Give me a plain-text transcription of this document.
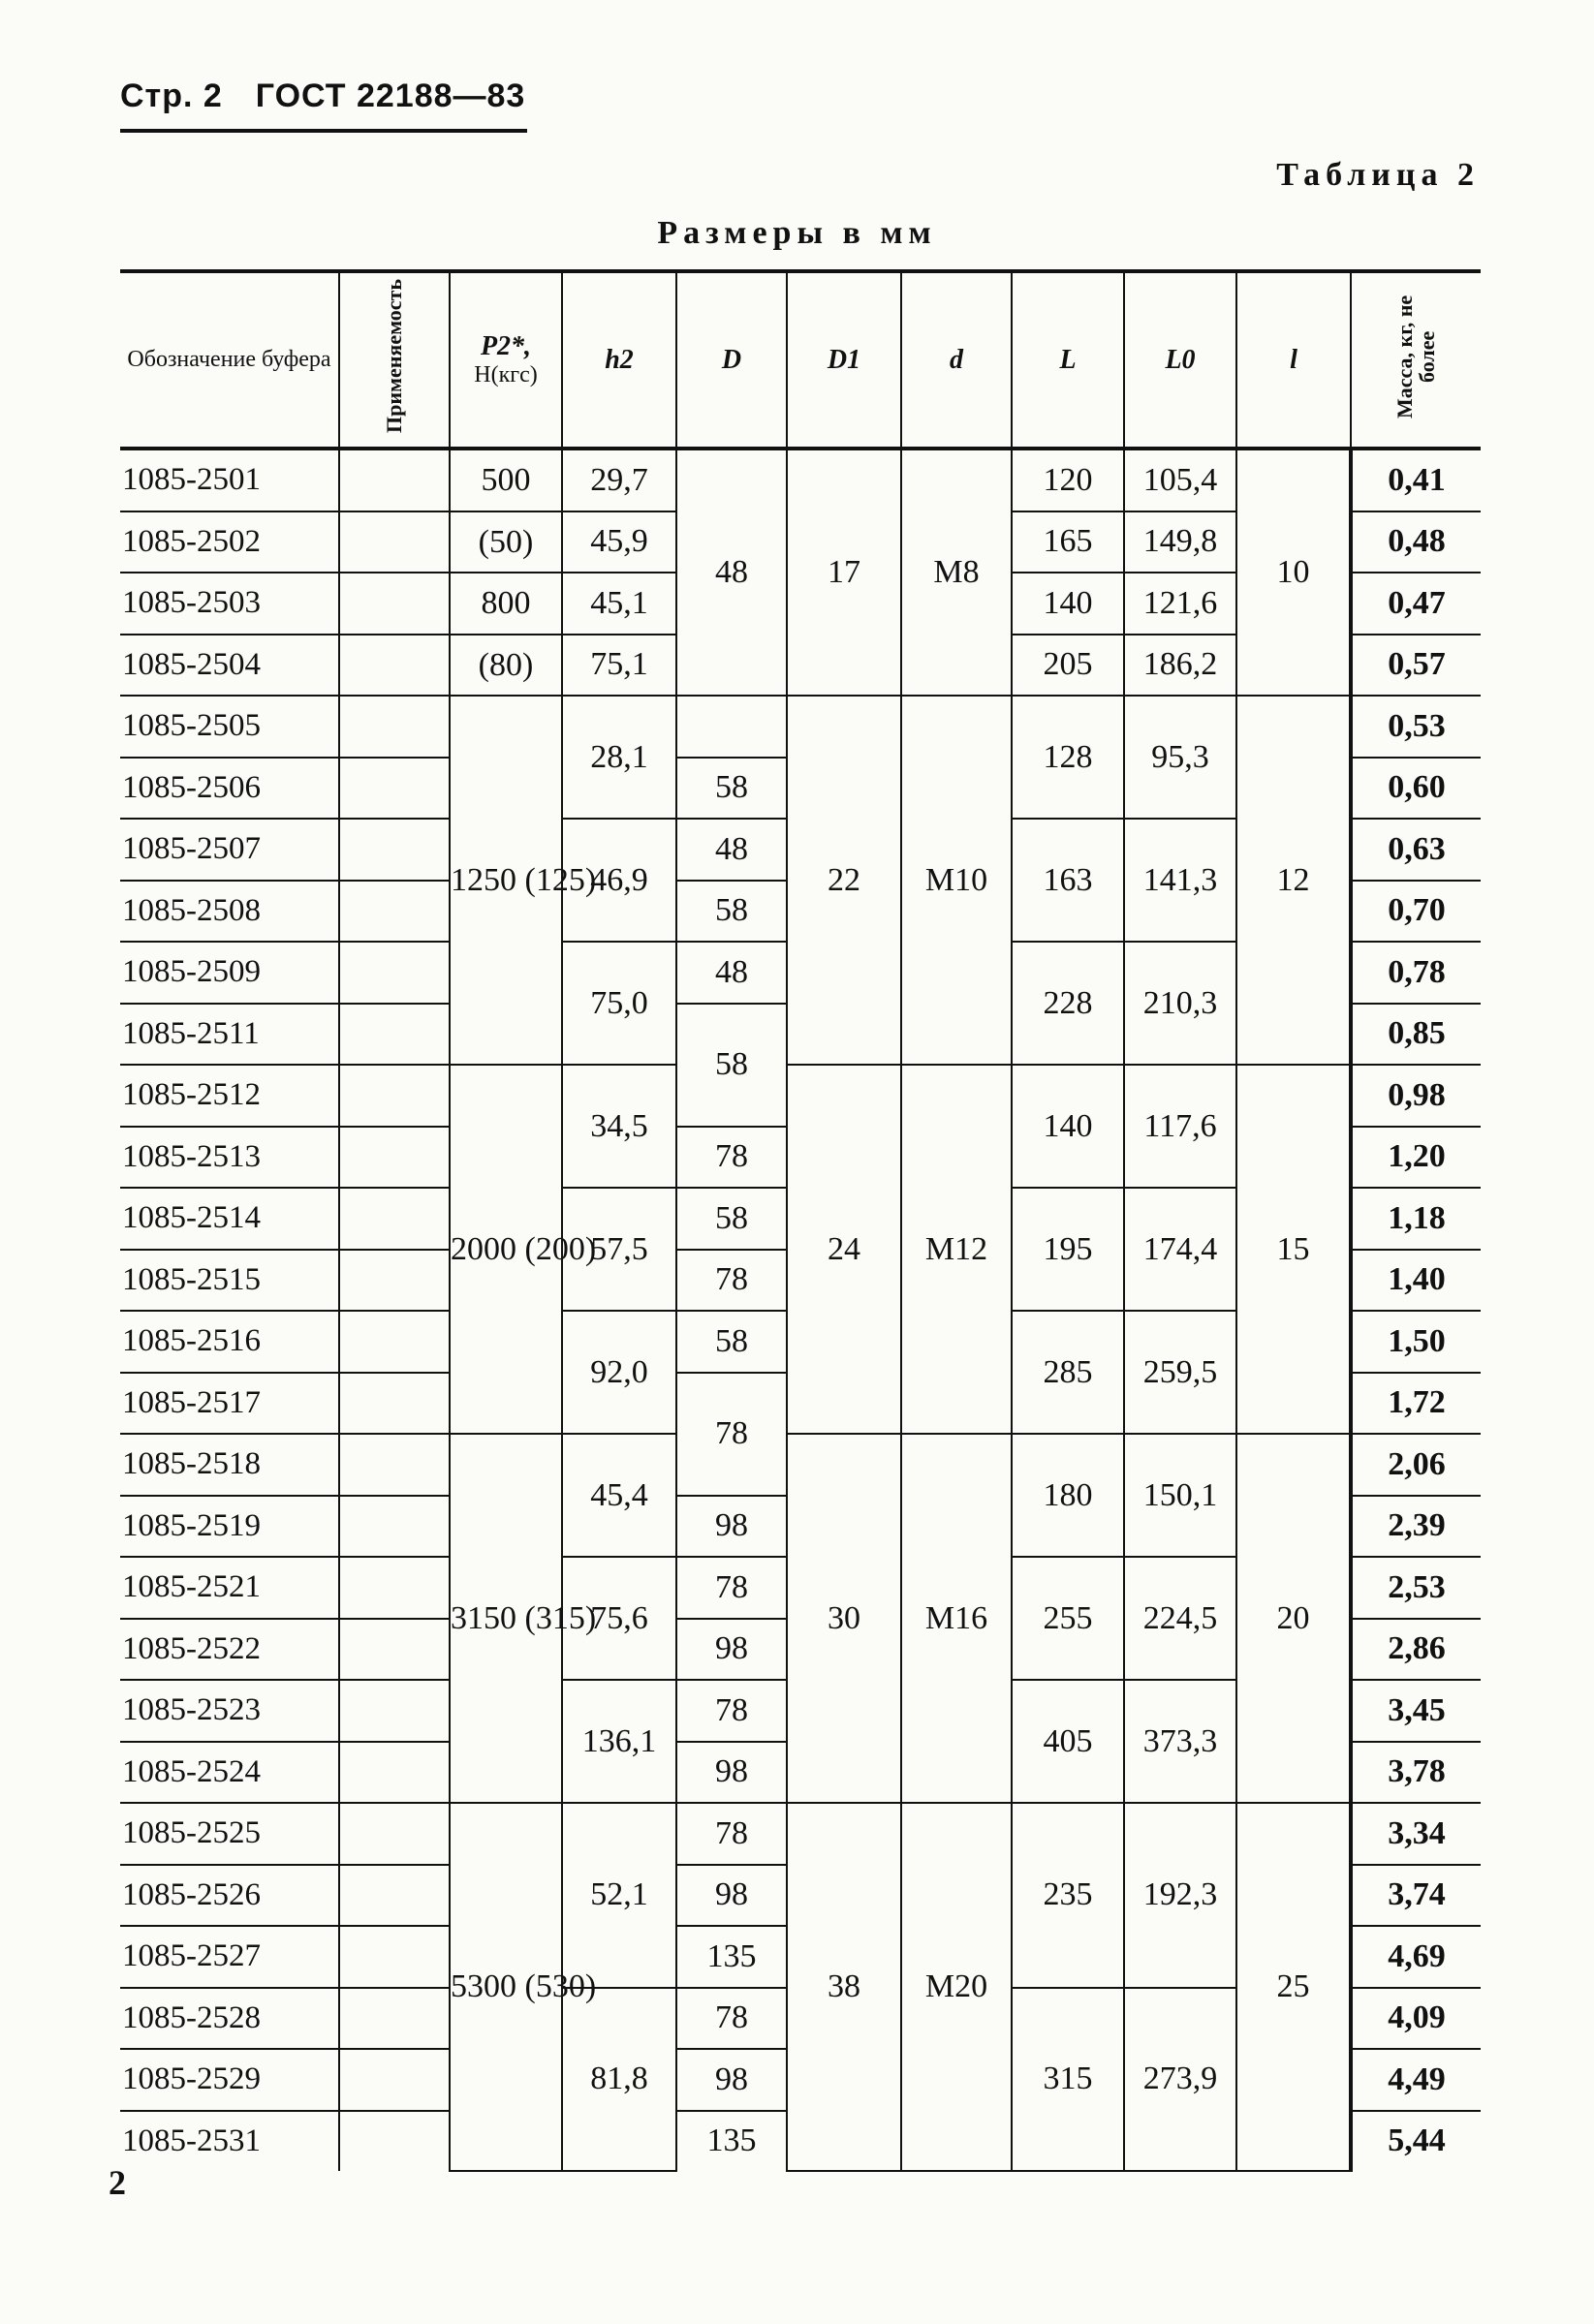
Стр. 2 ГОСТ 22188—83
Таблица 2
Размеры в мм
Обозначение буфера	Применяемость	P2*,
Н(кгс)	h2	D	D1	d	L	L0	l	Масса, кг, не более
1085-2501		500	29,7	48	17	M8	120	105,4	10	0,41
1085-2502		(50)	45,9				165	149,8		0,48
1085-2503		800	45,1				140	121,6		0,47
1085-2504		(80)	75,1				205	186,2		0,57
1085-2505		1250 (125)	28,1		22	M10	128	95,3	12	0,53
1085-2506				58						0,60
1085-2507			46,9	48			163	141,3		0,63
1085-2508				58						0,70
1085-2509			75,0	48			228	210,3		0,78
1085-2511				58						0,85
1085-2512		2000 (200)	34,5		24	M12	140	117,6	15	0,98
1085-2513				78						1,20
1085-2514			57,5	58			195	174,4		1,18
1085-2515				78						1,40
1085-2516			92,0	58			285	259,5		1,50
1085-2517				78						1,72
1085-2518		3150 (315)	45,4		30	M16	180	150,1	20	2,06
1085-2519				98						2,39
1085-2521			75,6	78			255	224,5		2,53
1085-2522				98						2,86
1085-2523			136,1	78			405	373,3		3,45
1085-2524				98						3,78
1085-2525		5300 (530)	52,1	78	38	M20	235	192,3	25	3,34
1085-2526				98						3,74
1085-2527				135						4,69
1085-2528			81,8	78			315	273,9		4,09
1085-2529				98						4,49
1085-2531				135						5,44
2
